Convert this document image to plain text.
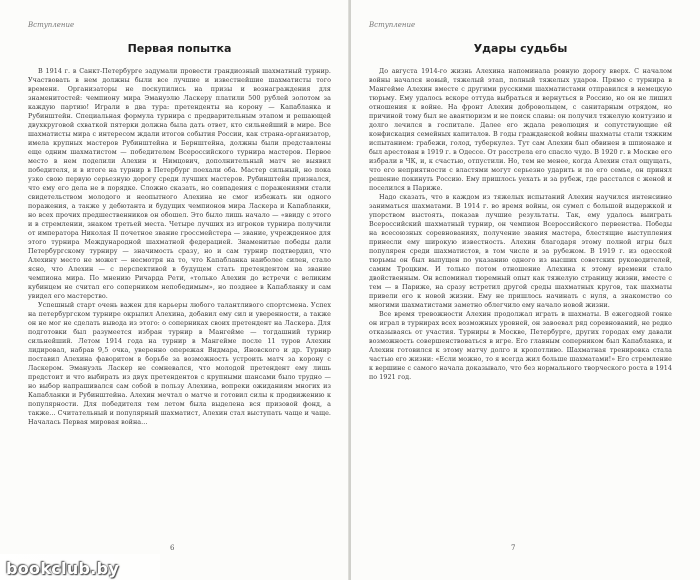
Вступление
Первая попытка

В 1914 г. в Санкт-Петербурге задумали провести грандиозный шахматный турнир. Участвовать в нем должны были все лучшие и известнейшие шахматисты того времени. Организаторы не поскупились на призы и вознаграждения для знаменитостей: чемпиону мира Эмануэлю Ласкеру платили 500 рублей золотом за каждую партию! Играли в два тура: претенденты на корону — Капабланка и Рубинштейн. Специальная формула турнира с предварительным этапом и решающей двухкруговой схваткой пятерки должна была дать ответ, кто сильнейший в мире. Все шахматисты мира с интересом ждали итогов события России, как страна-организатор, имела крупных мастеров Рубинштейна и Бернштейна, должны были представлены еще одним шахматистом — победителем Всероссийского турнира мастеров. Первое место в нем поделили Алехин и Нимцович, дополнительный матч не выявил победителя, и в итоге на турнир в Петербург поехали оба. Мастер сильный, но пока узко свою первую серьезную дорогу среди лучших мастеров. Рубинштейн признался, что ему его дела не в порядке. Сложно сказать, но совпадения с поражениями стали свидетельством молодого и неопытного Алехина не смог избежать ни одного поражения, а также у дебютанта и будущих чемпионов мира Ласкера и Капабланки, но всех прочих предшественников он обошел. Это было лишь начало — «ввиду с этого и в стремлении, знаком третьей места. Четыре лучших из игроков турнира получили от императора Николая II почетное звание гроссмейстера — звание, учрежденное для этого турнира Международной шахматной федерацией. Знаменитые победы дали Петербургскому турниру — значимость сразу, но и сам турнир подтвердил, что Алехину место не может — несмотря на то, что Капабланка наиболее силен, стало ясно, что Алехин — с перспективой в будущем стать претендентом на звание чемпиона мира. По мнению Ричарда Рети, «только Алехин до встречи с великим кубинцем не считал его соперником непобедимым», но позднее в Капабланку и сам увидел его мастерство.

Успешный старт очень важен для карьеры любого талантливого спортсмена. Успех на петербургском турнире окрылил Алехина, добавил ему сил и уверенности, а также он не мог не сделать вывода из этого: о соперниках своих претендент на Ласкера. Для подготовки был разумеется избран турнир в Мангейме — тогдашний турнир сильнейший. Летом 1914 года на турнир в Мангейме после 11 туров Алехин лидировал, набрав 9,5 очка, уверенно опережая Видмара, Яновского и др. Турнир поставил Алехина фаворитом в борьбе за возможность устроить матч за корону с Ласкером. Эмануэль Ласкер не сомневался, что молодой претендент ему лишь предстоит и что выбирать из двух претендентов с крупными шансами было трудно — но выбор напрашивался сам собой в пользу Алехина, вопреки ожиданиям многих из Капабланки и Рубинштейна. Алехин мечтал о матче и готовил силы к продвижению к популярности. Для победителя тем летом была выделена вся призовой фонд, а также... Считательный и популярный шахматист, Алехин стал выступать чаще и чаще. Началась Первая мировая война...

6
Вступление
Удары судьбы

До августа 1914-го жизнь Алехина напоминала ровную дорогу вверх. С началом войны начался новый, тяжелый этап, полный тяжелых ударов. Прямо с турнира в Мангейме Алехин вместе с другими русскими шахматистами отправился в немецкую тюрьму. Ему удалось вскоре оттуда выбраться и вернуться в Россию, но он не лишил отношения к войне. На фронт Алехин добровольцем, с санитарным отрядом, но причиной тому был не авантюризм и не поиск славы: он получил тяжелую контузию и долго лечился в госпитале. Далее его ждала революция и сопутствующие ей конфискация семейных капиталов. В годы гражданской войны шахматы стали тяжким испытанием: грабежи, голод, туберкулез. Тут сам Алехин был обвинен в шпионаже и был арестован в 1919 г. в Одессе. От расстрела его спасло чудо. В 1920 г. в Москве его избрали в ЧК, и, к счастью, отпустили. Но, тем не менее, когда Алехин стал ощущать, что его неприятности с властями могут серьезно ударить и по его семье, он принял решение покинуть Россию. Ему пришлось уехать и за рубеж, где расстался с женой и поселился в Париже.

Надо сказать, что в каждом из тяжелых испытаний Алехин научился интенсивно заниматься шахматами. В 1914 г. во время войны, он сумел с большой выдержкой и упорством выстоять, показав лучшие результаты. Так, ему удалось выиграть Всероссийский шахматный турнир, он чемпион Всероссийского первенства. Победы на всесоюзных соревнованиях, получение звания мастера, блестящие выступления принесли ему широкую известность. Алехин благодаря этому полной игры был популярен среди шахматистов, в том числе и за рубежом. В 1919 г. из одесской тюрьмы он был выпущен по указанию одного из высших советских руководителей, самим Троцким. И только потом отношение Алехина к этому времени стало двойственным. Он вспоминал тюремный опыт как тяжелую страницу жизни, вместе с тем — в Париже, на сразу встретил другой среды шахматных кругов, так шахматы привели его к новой жизни. Ему не пришлось начинать с нуля, а знакомство со многими шахматистами заметно облегчило ему начало новой жизни.

Все время тревожности Алехин продолжал играть в шахматы. В ежегодной гонке он играл в турнирах всех возможных уровней, он завоевал ряд соревнований, не редко отказываясь от участия. Турниры в Москве, Петербурге, других городах ему давали возможность совершенствоваться в игре. Его главным соперником был Капабланка, и Алехин готовился к этому матчу долго и кропотливо. Шахматная тренировка стала частью его жизни: «Если можно, то я всегда жил больше шахматами!» Его стремление к вершине с самого начала доказывало, что без нормального творческого роста в 1914 по 1921 год.

7
bookclub.by
